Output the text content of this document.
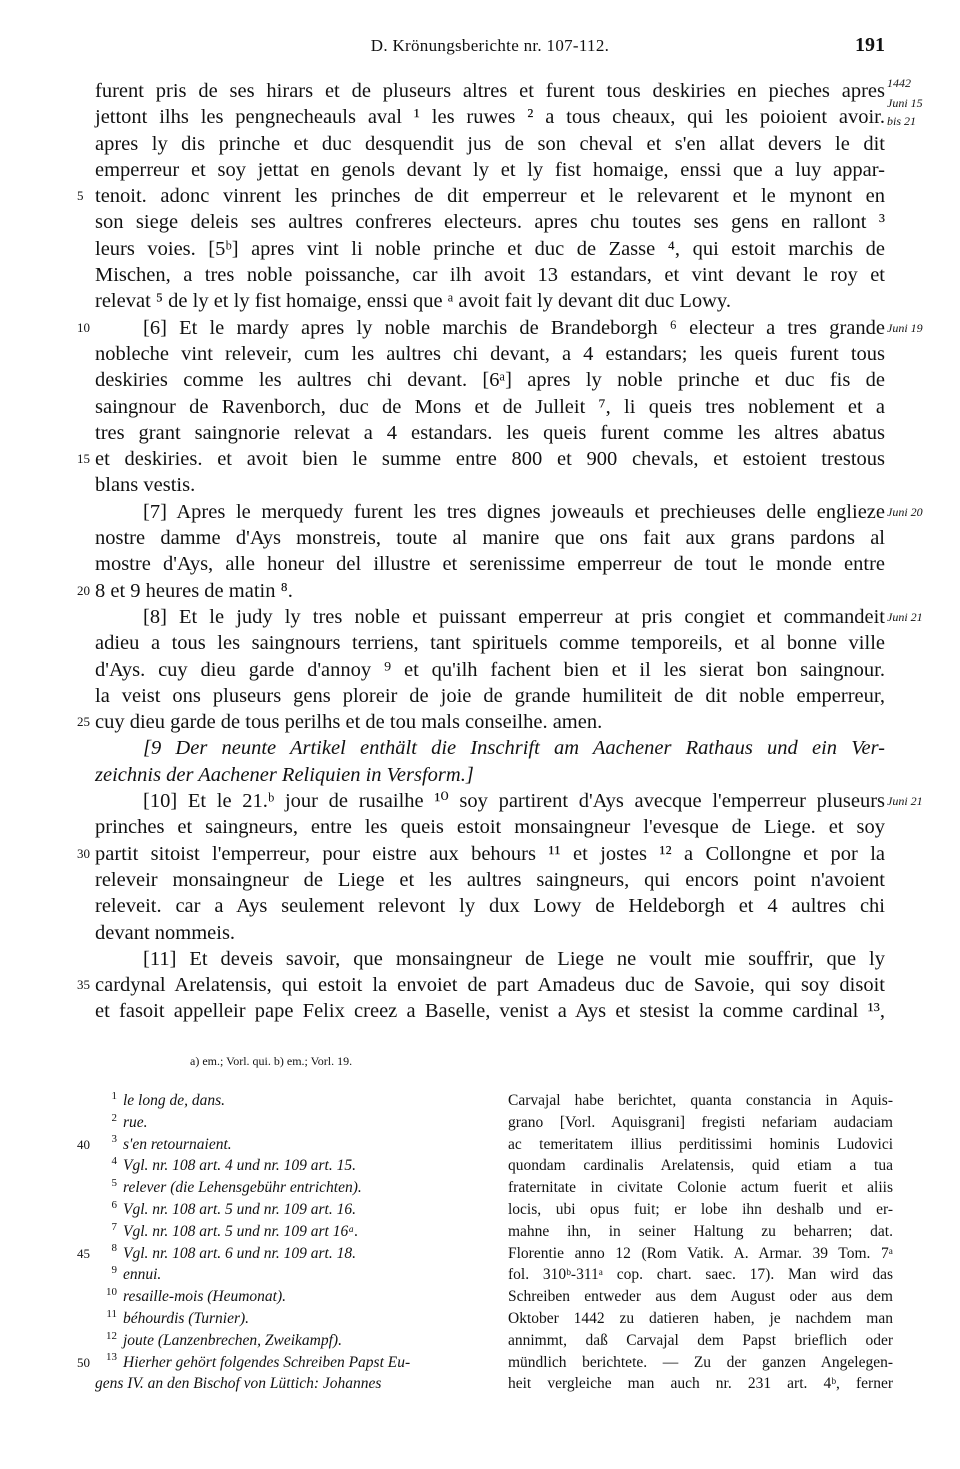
D. Krönungsberichte nr. 107-112.	191
furent pris de ses hirars et de pluseurs altres et furent tous deskiries en pieches apres
jettont ilhs les pengnecheauls aval ¹ les ruwes ² a tous cheaux, qui les poioient avoir.
apres ly dis prinche et duc desquendit jus de son cheval et s'en allat devers le dit
emperreur et soy jettat en genols devant ly et ly fist homaige, enssi que a luy appar-
5 tenoit. adonc vinrent les prinches de dit emperreur et le relevarent et le mynont en
son siege deleis ses aultres confreres electeurs. apres chu toutes ses gens en rallont ³
leurs voies. [5ᵇ] apres vint li noble prinche et duc de Zasse ⁴, qui estoit marchis de
Mischen, a tres noble poissanche, car ilh avoit 13 estandars, et vint devant le roy et
relevat ⁵ de ly et ly fist homaige, enssi que ᵃ avoit fait ly devant dit duc Lowy.
10	[6] Et le mardy apres ly noble marchis de Brandeborgh ⁶ electeur a tres grande
nobleche vint releveir, cum les aultres chi devant, a 4 estandars; les queis furent tous
deskiries comme les aultres chi devant. [6ᵃ] apres ly noble prinche et duc fis de
saingnour de Ravenborch, duc de Mons et de Julleit ⁷, li queis tres noblement et a
tres grant saingnorie relevat a 4 estandars. les queis furent comme les altres abatus
15 et deskiries. et avoit bien le summe entre 800 et 900 chevals, et estoient trestous
blans vestis.
[7] Apres le merquedy furent les tres dignes joweauls et prechieuses delle englieze
nostre damme d'Ays monstreis, toute al manire que ons fait aux grans pardons al
mostre d'Ays, alle honeur del illustre et serenissime emperreur de tout le monde entre
20 8 et 9 heures de matin ⁸.
[8] Et le judy ly tres noble et puissant emperreur at pris congiet et commandeit
adieu a tous les saingnours terriens, tant spirituels comme temporeils, et al bonne ville
d'Ays. cuy dieu garde d'annoy ⁹ et qu'ilh fachent bien et il les sierat bon saingnour.
la veist ons pluseurs gens ploreir de joie de grande humiliteit de dit noble emperreur,
25 cuy dieu garde de tous perilhs et de tou mals conseilhe. amen.
[9 Der neunte Artikel enthält die Inschrift am Aachener Rathaus und ein Ver-
zeichnis der Aachener Reliquien in Versform.]
[10] Et le 21.ᵇ jour de rusailhe ¹⁰ soy partirent d'Ays avecque l'emperreur pluseurs
prinches et saingneurs, entre les queis estoit monsaingneur l'evesque de Liege. et soy
30 partit sitoist l'emperreur, pour eistre aux behours ¹¹ et jostes ¹² a Collongne et por la
releveir monsaingneur de Liege et les aultres saingneurs, qui encors point n'avoient
releveit. car a Ays seulement relevont ly dux Lowy de Heldeborgh et 4 aultres chi
devant nommeis.
[11] Et deveis savoir, que monsaingneur de Liege ne voult mie souffrir, que ly
35 cardynal Arelatensis, qui estoit la envoiet de part Amadeus duc de Savoie, qui soy disoit
et fasoit appelleir pape Felix creez a Baselle, venist a Ays et stesist la comme cardinal ¹³,
1442
Juni 15
bis 21
Juni 19
Juni 20
Juni 21
Juni 21
a) em.; Vorl. qui. b) em.; Vorl. 19.
1 le long de, dans.
2 rue.
40 3 s'en retournaient.
4 Vgl. nr. 108 art. 4 und nr. 109 art. 15.
5 relever (die Lehensgebühr entrichten).
6 Vgl. nr. 108 art. 5 und nr. 109 art. 16.
7 Vgl. nr. 108 art. 5 und nr. 109 art 16ᵃ.
45 8 Vgl. nr. 108 art. 6 und nr. 109 art. 18.
9 ennui.
10 resaille-mois (Heumonat).
11 béhourdis (Turnier).
12 joute (Lanzenbrechen, Zweikampf).
50 13 Hierher gehört folgendes Schreiben Papst Eu-
gens IV. an den Bischof von Lüttich: Johannes
Carvajal habe berichtet, quanta constancia in Aquis-
grano [Vorl. Aquisgrani] fregisti nefariam audaciam
ac temeritatem illius perditissimi hominis Ludovici
quondam cardinalis Arelatensis, quid etiam a tua
fraternitate in civitate Colonie actum fuerit et aliis
locis, ubi opus fuit; er lobe ihn deshalb und er-
mahne ihn, in seiner Haltung zu beharren; dat.
Florentie anno 12 (Rom Vatik. A. Armar. 39 Tom. 7ᵃ
fol. 310ᵇ-311ᵃ cop. chart. saec. 17). Man wird das
Schreiben entweder aus dem August oder aus dem
Oktober 1442 zu datieren haben, je nachdem man
annimmt, daß Carvajal dem Papst brieflich oder
mündlich berichtete. — Zu der ganzen Angelegen-
heit vergleiche man auch nr. 231 art. 4ᵇ, ferner
